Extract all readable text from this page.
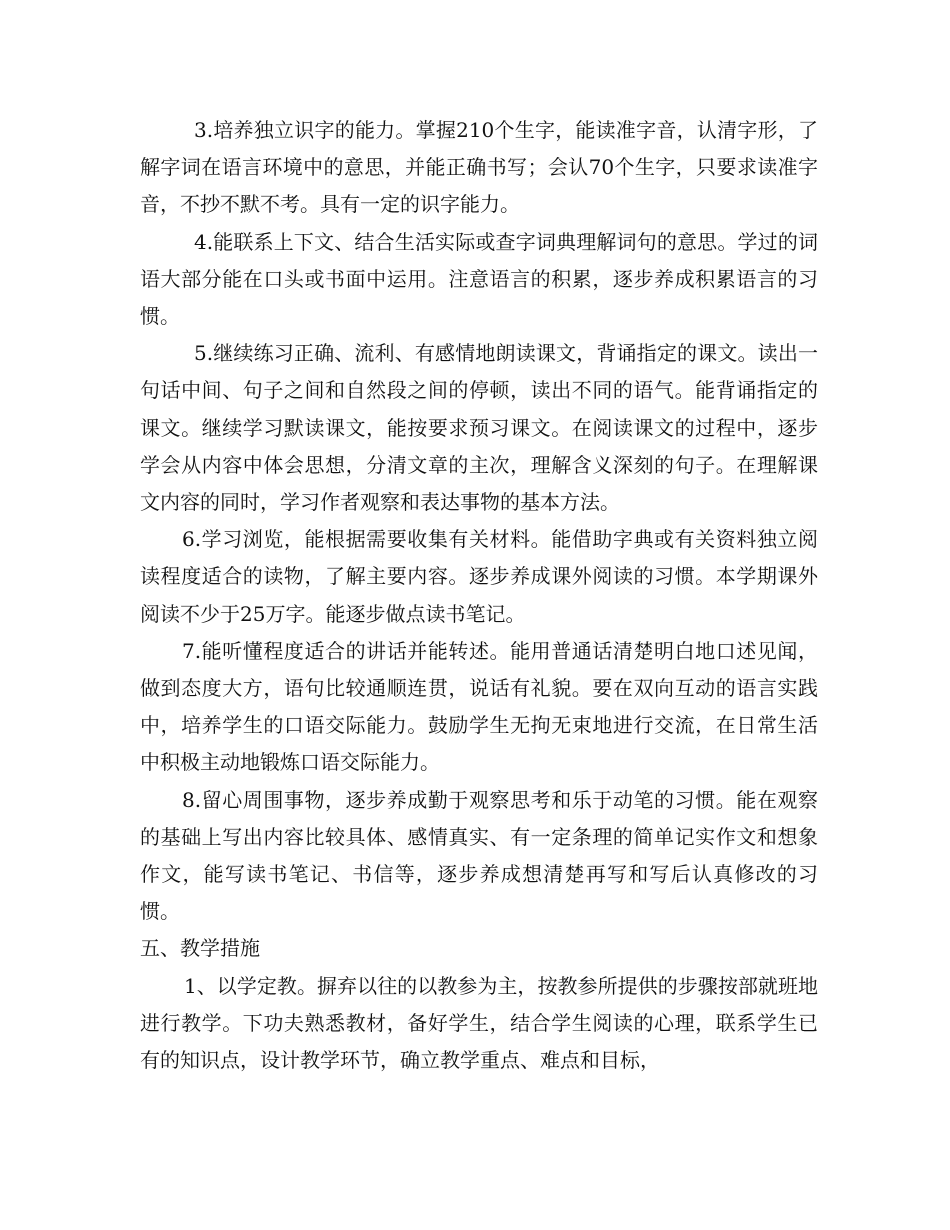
3.培养独立识字的能力。掌握210个生字，能读准字音，认清字形，了解字词在语言环境中的意思，并能正确书写；会认70个生字，只要求读准字音，不抄不默不考。具有一定的识字能力。

4.能联系上下文、结合生活实际或查字词典理解词句的意思。学过的词语大部分能在口头或书面中运用。注意语言的积累，逐步养成积累语言的习惯。

5.继续练习正确、流利、有感情地朗读课文，背诵指定的课文。读出一句话中间、句子之间和自然段之间的停顿，读出不同的语气。能背诵指定的课文。继续学习默读课文，能按要求预习课文。在阅读课文的过程中，逐步学会从内容中体会思想，分清文章的主次，理解含义深刻的句子。在理解课文内容的同时，学习作者观察和表达事物的基本方法。

6.学习浏览，能根据需要收集有关材料。能借助字典或有关资料独立阅读程度适合的读物，了解主要内容。逐步养成课外阅读的习惯。本学期课外阅读不少于25万字。能逐步做点读书笔记。

7.能听懂程度适合的讲话并能转述。能用普通话清楚明白地口述见闻，做到态度大方，语句比较通顺连贯，说话有礼貌。要在双向互动的语言实践中，培养学生的口语交际能力。鼓励学生无拘无束地进行交流，在日常生活中积极主动地锻炼口语交际能力。

8.留心周围事物，逐步养成勤于观察思考和乐于动笔的习惯。能在观察的基础上写出内容比较具体、感情真实、有一定条理的简单记实作文和想象作文，能写读书笔记、书信等，逐步养成想清楚再写和写后认真修改的习惯。

五、教学措施

1、以学定教。摒弃以往的以教参为主，按教参所提供的步骤按部就班地进行教学。下功夫熟悉教材，备好学生，结合学生阅读的心理，联系学生已有的知识点，设计教学环节，确立教学重点、难点和目标，
